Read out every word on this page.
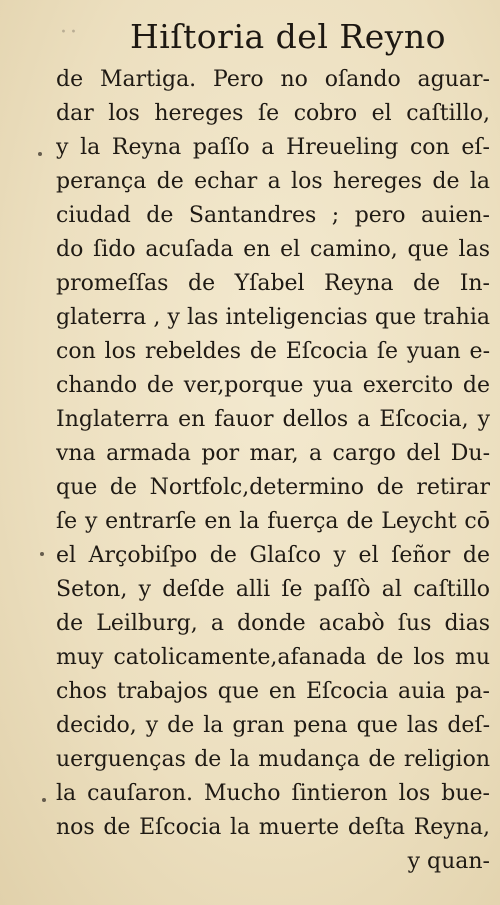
·· Hiſtoria del Reyno
de Martiga. Pero no oſando aguar-
dar los hereges ſe cobro el caſtillo,
y la Reyna paſſo a Hreueling con eſ-
perança de echar a los hereges de la
ciudad de Santandres ; pero auien-
do ſido acuſada en el camino, que las
promeſſas de Yſabel Reyna de In-
glaterra , y las inteligencias que trahia
con los rebeldes de Eſcocia ſe yuan e-
chando de ver,porque yua exercito de
Inglaterra en fauor dellos a Eſcocia, y
vna armada por mar, a cargo del Du-
que de Nortfolc,determino de retirar
ſe y entrarſe en la fuerça de Leycht cō
el Arçobiſpo de Glaſco y el ſeñor de
Seton, y deſde alli ſe paſſò al caſtillo
de Leilburg, a donde acabò ſus dias
muy catolicamente,afanada de los mu
chos trabajos que en Eſcocia auia pa-
decido, y de la gran pena que las deſ-
uerguenças de la mudança de religion
la cauſaron. Mucho ſintieron los bue-
nos de Eſcocia la muerte deſta Reyna,
y quan-
